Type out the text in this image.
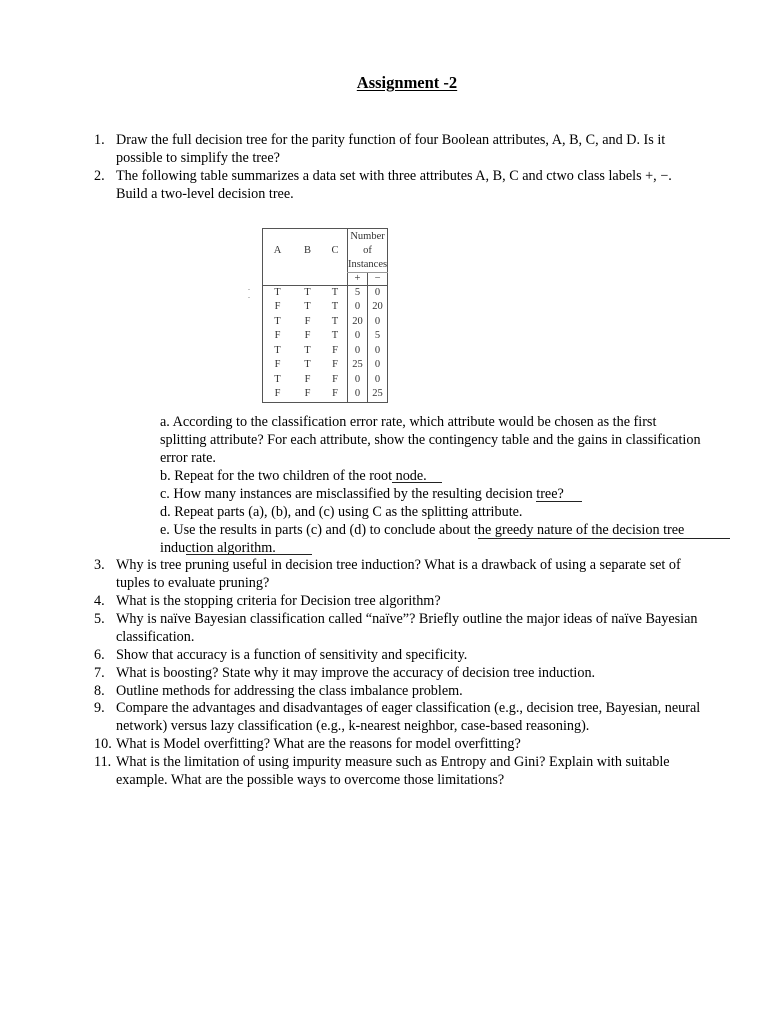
Assignment -2
1. Draw the full decision tree for the parity function of four Boolean attributes, A, B, C, and D. Is it possible to simplify the tree?
2. The following table summarizes a data set with three attributes A, B, C and ctwo class labels +, −. Build a two-level decision tree.
.
.
A	B	C	Number of
Instances	

			+	−
T	T	T	5	0
F	T	T	0	20
T	F	T	20	0
F	F	T	0	5
T	T	F	0	0
F	T	F	25	0
T	F	F	0	0
F	F	F	0	25
a. According to the classification error rate, which attribute would be chosen as the first splitting attribute? For each attribute, show the contingency table and the gains in classification error rate.
b. Repeat for the two children of the root node.
c. How many instances are misclassified by the resulting decision tree?
d. Repeat parts (a), (b), and (c) using C as the splitting attribute.
e. Use the results in parts (c) and (d) to conclude about the greedy nature of the decision tree induction algorithm.
3. Why is tree pruning useful in decision tree induction? What is a drawback of using a separate set of tuples to evaluate pruning?
4. What is the stopping criteria for Decision tree algorithm?
5. Why is naïve Bayesian classification called “naïve”? Briefly outline the major ideas of naïve Bayesian classification.
6. Show that accuracy is a function of sensitivity and specificity.
7. What is boosting? State why it may improve the accuracy of decision tree induction.
8. Outline methods for addressing the class imbalance problem.
9. Compare the advantages and disadvantages of eager classification (e.g., decision tree, Bayesian, neural network) versus lazy classification (e.g., k-nearest neighbor, case-based reasoning).
10. What is Model overfitting? What are the reasons for model overfitting?
11. What is the limitation of using impurity measure such as Entropy and Gini? Explain with suitable example. What are the possible ways to overcome those limitations?
